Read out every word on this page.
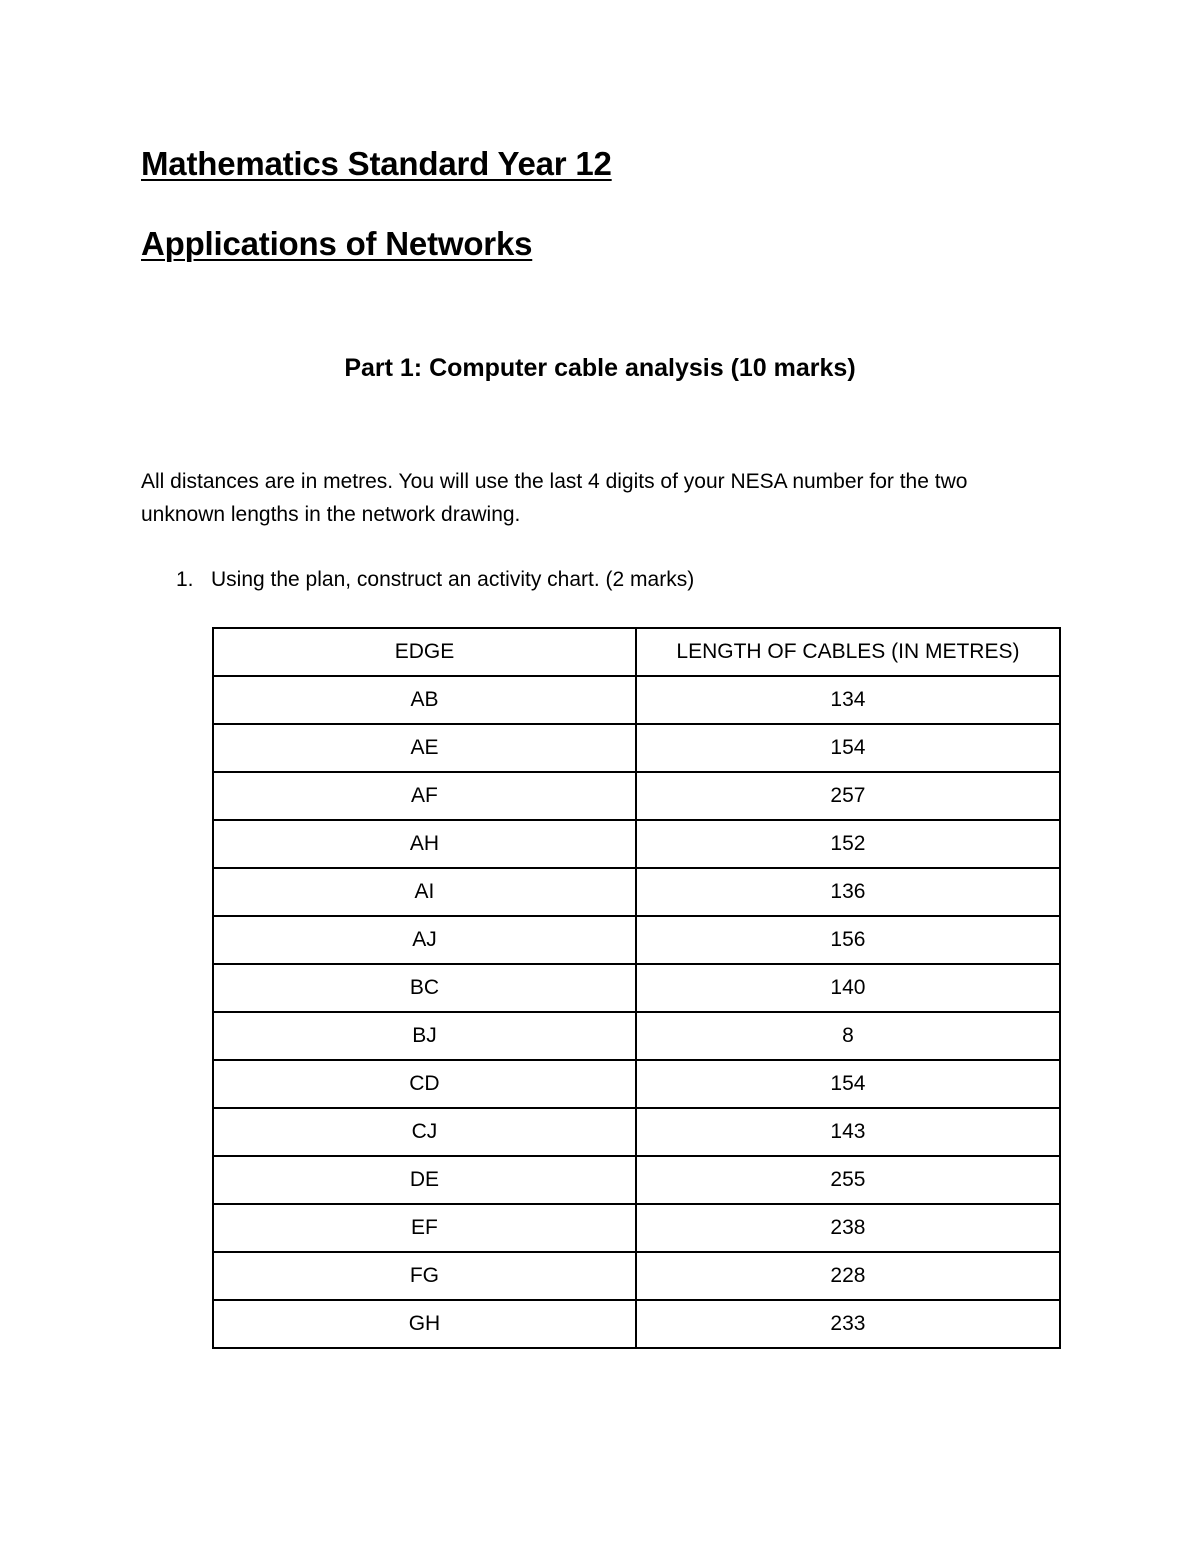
Mathematics Standard Year 12
Applications of Networks
Part 1: Computer cable analysis (10 marks)

All distances are in metres. You will use the last 4 digits of your NESA number for the two unknown lengths in the network drawing.

1. Using the plan, construct an activity chart. (2 marks)

EDGE	LENGTH OF CABLES (IN METRES)
AB	134
AE	154
AF	257
AH	152
AI	136
AJ	156
BC	140
BJ	8
CD	154
CJ	143
DE	255
EF	238
FG	228
GH	233
